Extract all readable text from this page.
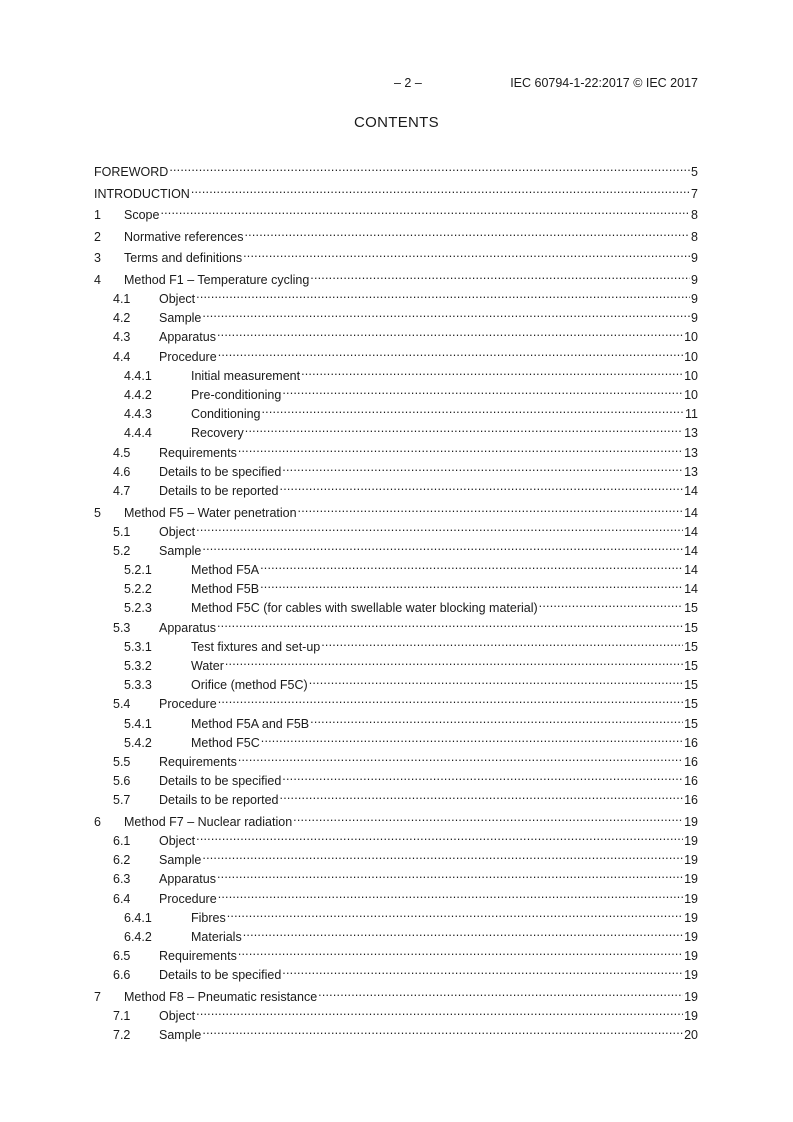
– 2 –	IEC 60794-1-22:2017 © IEC 2017
CONTENTS
FOREWORD .....	5
INTRODUCTION .....	7
1	Scope .....	8
2	Normative references .....	8
3	Terms and definitions .....	9
4	Method F1 – Temperature cycling .....	9
4.1	Object .....	9
4.2	Sample .....	9
4.3	Apparatus .....	10
4.4	Procedure .....	10
4.4.1	Initial measurement .....	10
4.4.2	Pre-conditioning .....	10
4.4.3	Conditioning .....	11
4.4.4	Recovery .....	13
4.5	Requirements .....	13
4.6	Details to be specified .....	13
4.7	Details to be reported .....	14
5	Method F5 – Water penetration .....	14
5.1	Object .....	14
5.2	Sample .....	14
5.2.1	Method F5A .....	14
5.2.2	Method F5B .....	14
5.2.3	Method F5C (for cables with swellable water blocking material) .....	15
5.3	Apparatus .....	15
5.3.1	Test fixtures and set-up .....	15
5.3.2	Water .....	15
5.3.3	Orifice (method F5C) .....	15
5.4	Procedure .....	15
5.4.1	Method F5A and F5B .....	15
5.4.2	Method F5C .....	16
5.5	Requirements .....	16
5.6	Details to be specified .....	16
5.7	Details to be reported .....	16
6	Method F7 – Nuclear radiation .....	19
6.1	Object .....	19
6.2	Sample .....	19
6.3	Apparatus .....	19
6.4	Procedure .....	19
6.4.1	Fibres .....	19
6.4.2	Materials .....	19
6.5	Requirements .....	19
6.6	Details to be specified .....	19
7	Method F8 – Pneumatic resistance .....	19
7.1	Object .....	19
7.2	Sample .....	20
